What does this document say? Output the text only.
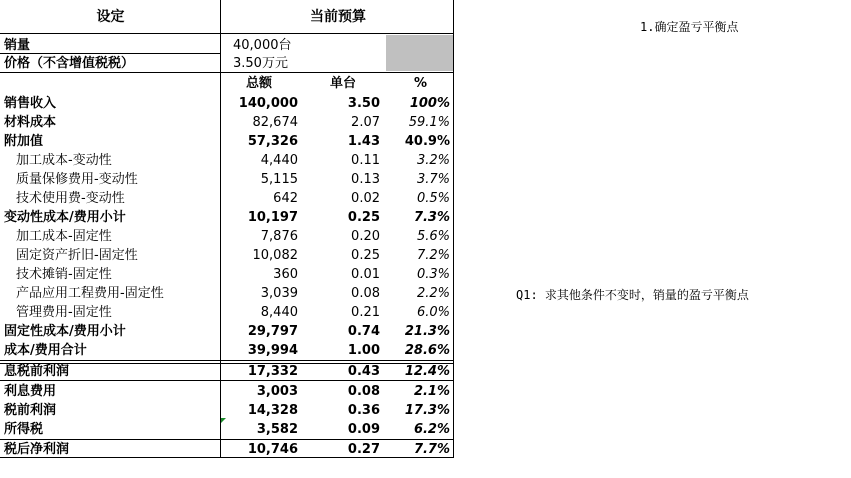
设定	当前预算
销量	40,000台
价格（不含增值税税）	3.50万元
总额	单台	%
销售收入	140,000	3.50 100%
材料成本	82,674	2.07 59.1%
附加值	57,326	1.43 40.9%
加工成本-变动性	4,440	0.11	3.2%
质量保修费用-变动性	5,115	0.13	3.7%
技术使用费-变动性	642	0.02	0.5%
变动性成本/费用小计	10,197	0.25	7.3%
加工成本-固定性	7,876	0.20	5.6%
固定资产折旧-固定性	10,082	0.25	7.2%
技术摊销-固定性	360	0.01	0.3%
产品应用工程费用-固定性	3,039	0.08	2.2%
管理费用-固定性	8,440	0.21	6.0%
固定性成本/费用小计	29,797	0.74 21.3%
成本/费用合计	39,994	1.00 28.6%
息税前利润	17,332	0.43 12.4%
利息费用	3,003	0.08	2.1%
税前利润	14,328	0.36 17.3%
所得税	3,582	0.09	6.2%
税后净利润	10,746	0.27	7.7%
1.确定盈亏平衡点
Q1: 求其他条件不变时，销量的盈亏平衡点
